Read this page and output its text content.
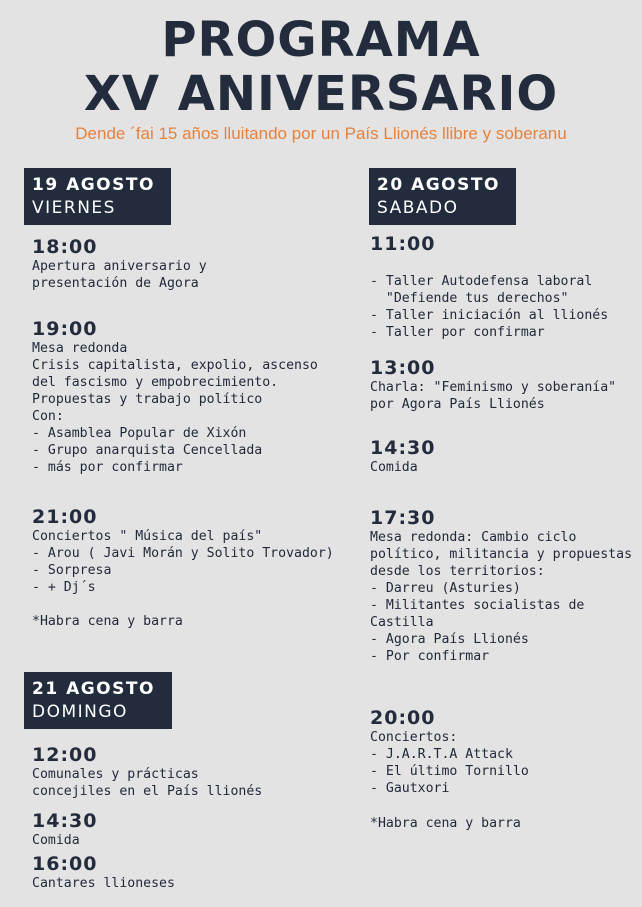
PROGRAMA
XV ANIVERSARIO
Dende ´fai 15 años lluitando por un País Llionés llibre y soberanu
19 AGOSTO
VIERNES
18:00
Apertura aniversario y
presentación de Agora
19:00
Mesa redonda
Crisis capitalista, expolio, ascenso
del fascismo y empobrecimiento.
Propuestas y trabajo político
Con:
- Asamblea Popular de Xixón
- Grupo anarquista Cencellada
- más por confirmar
21:00
Conciertos " Música del país"
- Arou ( Javi Morán y Solito Trovador)
- Sorpresa
- + Dj´s
*Habra cena y barra
21 AGOSTO
DOMINGO
12:00
Comunales y prácticas
concejiles en el País llionés
14:30
Comida
16:00
Cantares llioneses
20 AGOSTO
SABADO
11:00
- Taller Autodefensa laboral
"Defiende tus derechos"
- Taller iniciación al llionés
- Taller por confirmar
13:00
Charla: "Feminismo y soberanía"
por Agora País Llionés
14:30
Comida
17:30
Mesa redonda: Cambio ciclo
político, militancia y propuestas
desde los territorios:
- Darreu (Asturies)
- Militantes socialistas de
Castilla
- Agora País Llionés
- Por confirmar
20:00
Conciertos:
- J.A.R.T.A Attack
- El último Tornillo
- Gautxori
*Habra cena y barra
